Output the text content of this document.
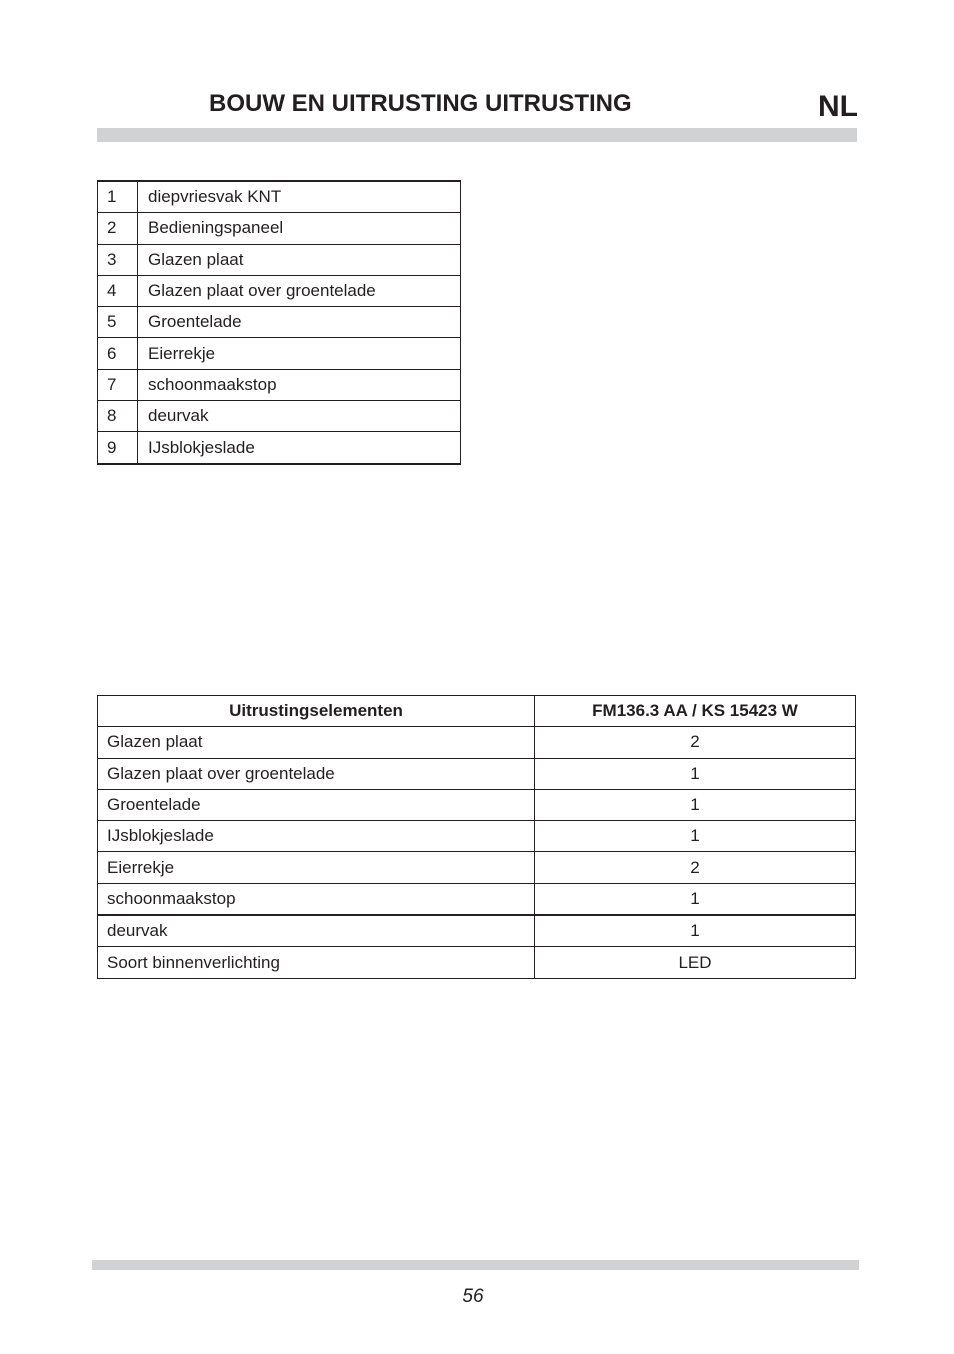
BOUW EN UITRUSTING UITRUSTING	NL
1	diepvriesvak KNT
2	Bedieningspaneel
3	Glazen plaat
4	Glazen plaat over groentelade
5	Groentelade
6	Eierrekje
7	schoonmaakstop
8	deurvak
9	IJsblokjeslade
Uitrustingselementen	FM136.3 AA / KS 15423 W
Glazen plaat	2
Glazen plaat over groentelade	1
Groentelade	1
IJsblokjeslade	1
Eierrekje	2
schoonmaakstop	1
deurvak	1
Soort binnenverlichting	LED
56
